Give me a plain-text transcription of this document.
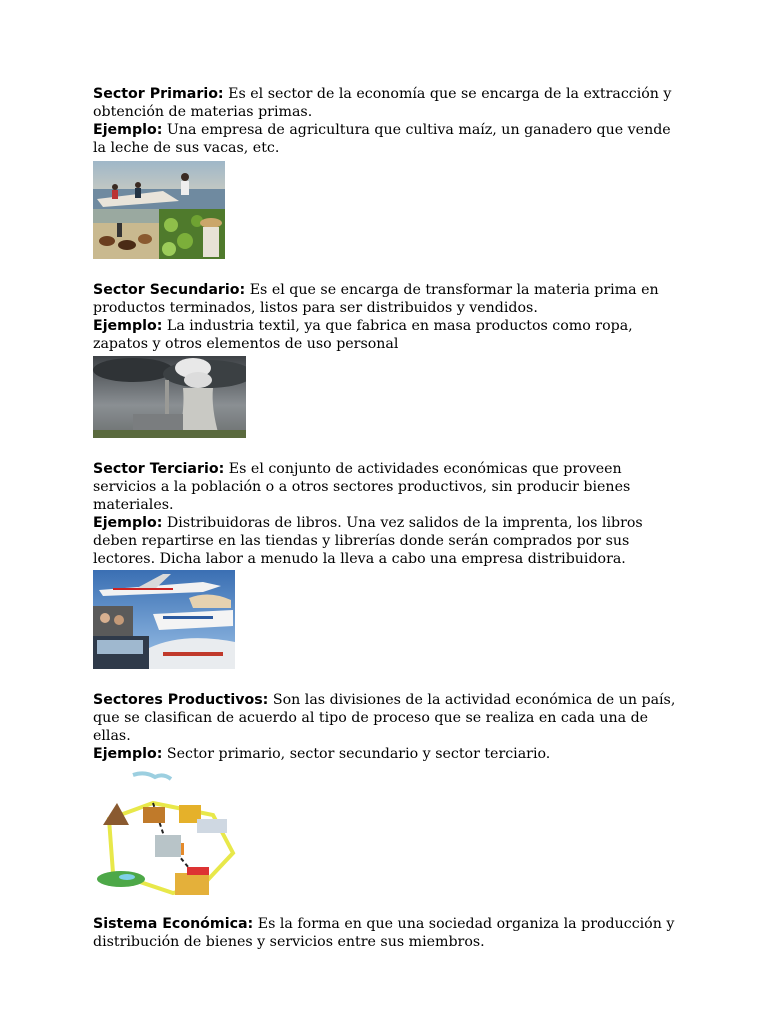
Sector Primario: Es el sector de la economía que se encarga de la extracción y obtención de materias primas.

Ejemplo: Una empresa de agricultura que cultiva maíz, un ganadero que vende la leche de sus vacas, etc.

Sector Secundario: Es el que se encarga de transformar la materia prima en productos terminados, listos para ser distribuidos y vendidos.

Ejemplo: La industria textil, ya que fabrica en masa productos como ropa, zapatos y otros elementos de uso personal

Sector Terciario: Es el conjunto de actividades económicas que proveen servicios a la población o a otros sectores productivos, sin producir bienes materiales.

Ejemplo: Distribuidoras de libros. Una vez salidos de la imprenta, los libros deben repartirse en las tiendas y librerías donde serán comprados por sus lectores. Dicha labor a menudo la lleva a cabo una empresa distribuidora.

Sectores Productivos: Son las divisiones de la actividad económica de un país, que se clasifican de acuerdo al tipo de proceso que se realiza en cada una de ellas.

Ejemplo: Sector primario, sector secundario y sector terciario.

Sistema Económica: Es la forma en que una sociedad organiza la producción y distribución de bienes y servicios entre sus miembros.
